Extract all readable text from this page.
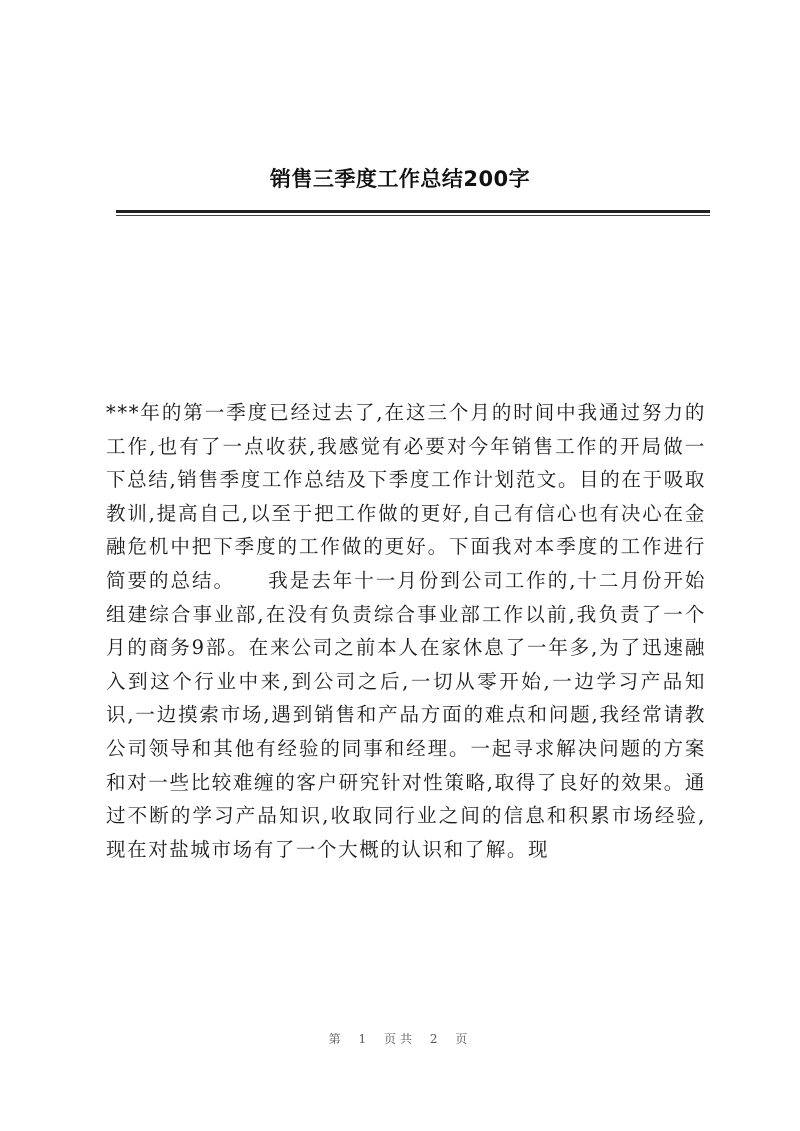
销售三季度工作总结200字

***年的第一季度已经过去了,在这三个月的时间中我通过努力的工作,也有了一点收获,我感觉有必要对今年销售工作的开局做一下总结,销售季度工作总结及下季度工作计划范文。目的在于吸取教训,提高自己,以至于把工作做的更好,自己有信心也有决心在金融危机中把下季度的工作做的更好。下面我对本季度的工作进行简要的总结。　　我是去年十一月份到公司工作的,十二月份开始组建综合事业部,在没有负责综合事业部工作以前,我负责了一个月的商务9部。在来公司之前本人在家休息了一年多,为了迅速融入到这个行业中来,到公司之后,一切从零开始,一边学习产品知识,一边摸索市场,遇到销售和产品方面的难点和问题,我经常请教公司领导和其他有经验的同事和经理。一起寻求解决问题的方案和对一些比较难缠的客户研究针对性策略,取得了良好的效果。通过不断的学习产品知识,收取同行业之间的信息和积累市场经验,现在对盐城市场有了一个大概的认识和了解。现

第 1 页共 2 页
